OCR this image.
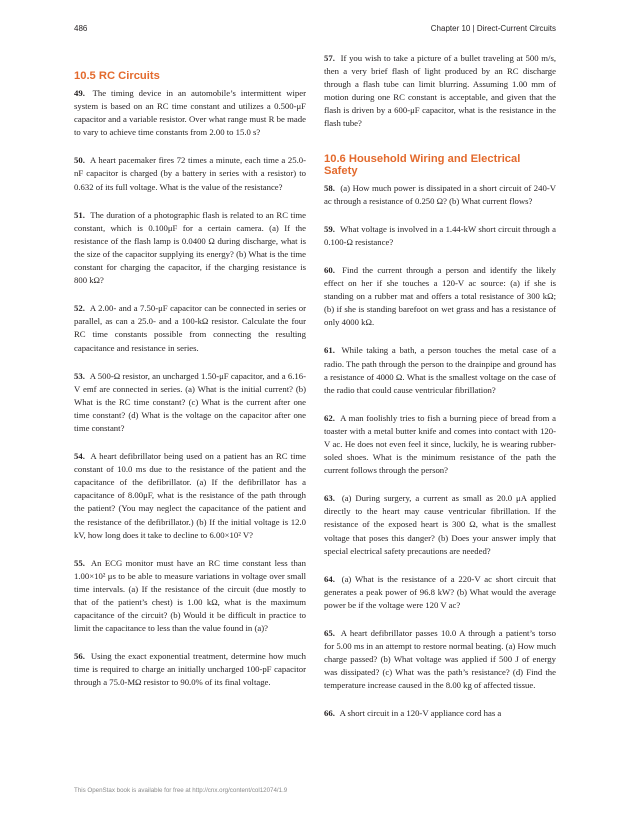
486	Chapter 10 | Direct-Current Circuits
10.5 RC Circuits

49. The timing device in an automobile’s intermittent wiper system is based on an RC time constant and utilizes a 0.500-μF capacitor and a variable resistor. Over what range must R be made to vary to achieve time constants from 2.00 to 15.0 s?

50. A heart pacemaker fires 72 times a minute, each time a 25.0-nF capacitor is charged (by a battery in series with a resistor) to 0.632 of its full voltage. What is the value of the resistance?

51. The duration of a photographic flash is related to an RC time constant, which is 0.100μF for a certain camera. (a) If the resistance of the flash lamp is 0.0400 Ω during discharge, what is the size of the capacitor supplying its energy? (b) What is the time constant for charging the capacitor, if the charging resistance is 800 kΩ?

52. A 2.00- and a 7.50-μF capacitor can be connected in series or parallel, as can a 25.0- and a 100-kΩ resistor. Calculate the four RC time constants possible from connecting the resulting capacitance and resistance in series.

53. A 500-Ω resistor, an uncharged 1.50-μF capacitor, and a 6.16-V emf are connected in series. (a) What is the initial current? (b) What is the RC time constant? (c) What is the current after one time constant? (d) What is the voltage on the capacitor after one time constant?

54. A heart defibrillator being used on a patient has an RC time constant of 10.0 ms due to the resistance of the patient and the capacitance of the defibrillator. (a) If the defibrillator has a capacitance of 8.00μF, what is the resistance of the path through the patient? (You may neglect the capacitance of the patient and the resistance of the defibrillator.) (b) If the initial voltage is 12.0 kV, how long does it take to decline to 6.00×10² V?

55. An ECG monitor must have an RC time constant less than 1.00×10² μs to be able to measure variations in voltage over small time intervals. (a) If the resistance of the circuit (due mostly to that of the patient’s chest) is 1.00 kΩ, what is the maximum capacitance of the circuit? (b) Would it be difficult in practice to limit the capacitance to less than the value found in (a)?

56. Using the exact exponential treatment, determine how much time is required to charge an initially uncharged 100-pF capacitor through a 75.0-MΩ resistor to 90.0% of its final voltage.

57. If you wish to take a picture of a bullet traveling at 500 m/s, then a very brief flash of light produced by an RC discharge through a flash tube can limit blurring. Assuming 1.00 mm of motion during one RC constant is acceptable, and given that the flash is driven by a 600-μF capacitor, what is the resistance in the flash tube?

10.6 Household Wiring and Electrical Safety

58. (a) How much power is dissipated in a short circuit of 240-V ac through a resistance of 0.250 Ω? (b) What current flows?

59. What voltage is involved in a 1.44-kW short circuit through a 0.100-Ω resistance?

60. Find the current through a person and identify the likely effect on her if she touches a 120-V ac source: (a) if she is standing on a rubber mat and offers a total resistance of 300 kΩ; (b) if she is standing barefoot on wet grass and has a resistance of only 4000 kΩ.

61. While taking a bath, a person touches the metal case of a radio. The path through the person to the drainpipe and ground has a resistance of 4000 Ω. What is the smallest voltage on the case of the radio that could cause ventricular fibrillation?

62. A man foolishly tries to fish a burning piece of bread from a toaster with a metal butter knife and comes into contact with 120-V ac. He does not even feel it since, luckily, he is wearing rubber-soled shoes. What is the minimum resistance of the path the current follows through the person?

63. (a) During surgery, a current as small as 20.0 μA applied directly to the heart may cause ventricular fibrillation. If the resistance of the exposed heart is 300 Ω, what is the smallest voltage that poses this danger? (b) Does your answer imply that special electrical safety precautions are needed?

64. (a) What is the resistance of a 220-V ac short circuit that generates a peak power of 96.8 kW? (b) What would the average power be if the voltage were 120 V ac?

65. A heart defibrillator passes 10.0 A through a patient’s torso for 5.00 ms in an attempt to restore normal beating. (a) How much charge passed? (b) What voltage was applied if 500 J of energy was dissipated? (c) What was the path’s resistance? (d) Find the temperature increase caused in the 8.00 kg of affected tissue.

66. A short circuit in a 120-V appliance cord has a

This OpenStax book is available for free at http://cnx.org/content/col12074/1.9
